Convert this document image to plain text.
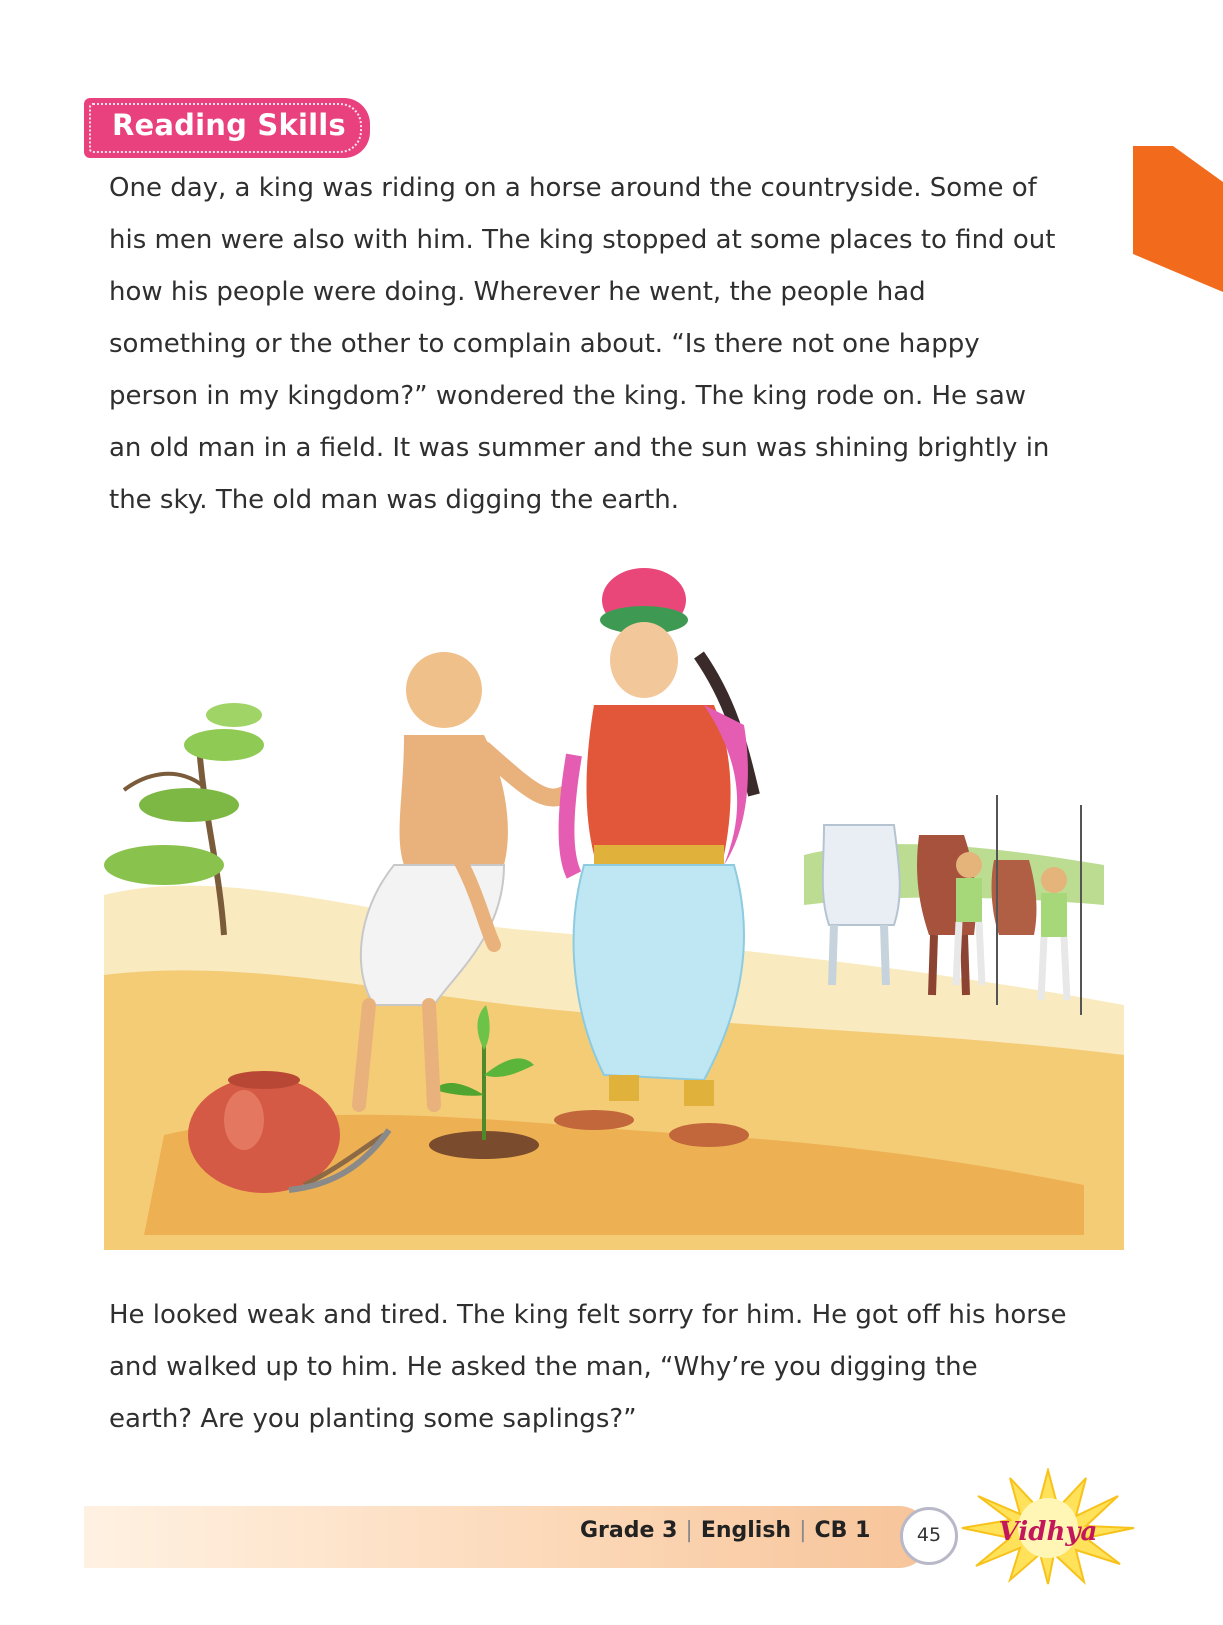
Reading Skills

One day, a king was riding on a horse around the countryside. Some of
his men were also with him. The king stopped at some places to find out
how his people were doing. Wherever he went, the people had
something or the other to complain about. “Is there not one happy
person in my kingdom?” wondered the king. The king rode on. He saw
an old man in a field. It was summer and the sun was shining brightly in
the sky. The old man was digging the earth.

He looked weak and tired. The king felt sorry for him. He got off his horse
and walked up to him. He asked the man, “Why’re you digging the
earth? Are you planting some saplings?”

Grade 3 | English | CB 1	45	Vidhya
